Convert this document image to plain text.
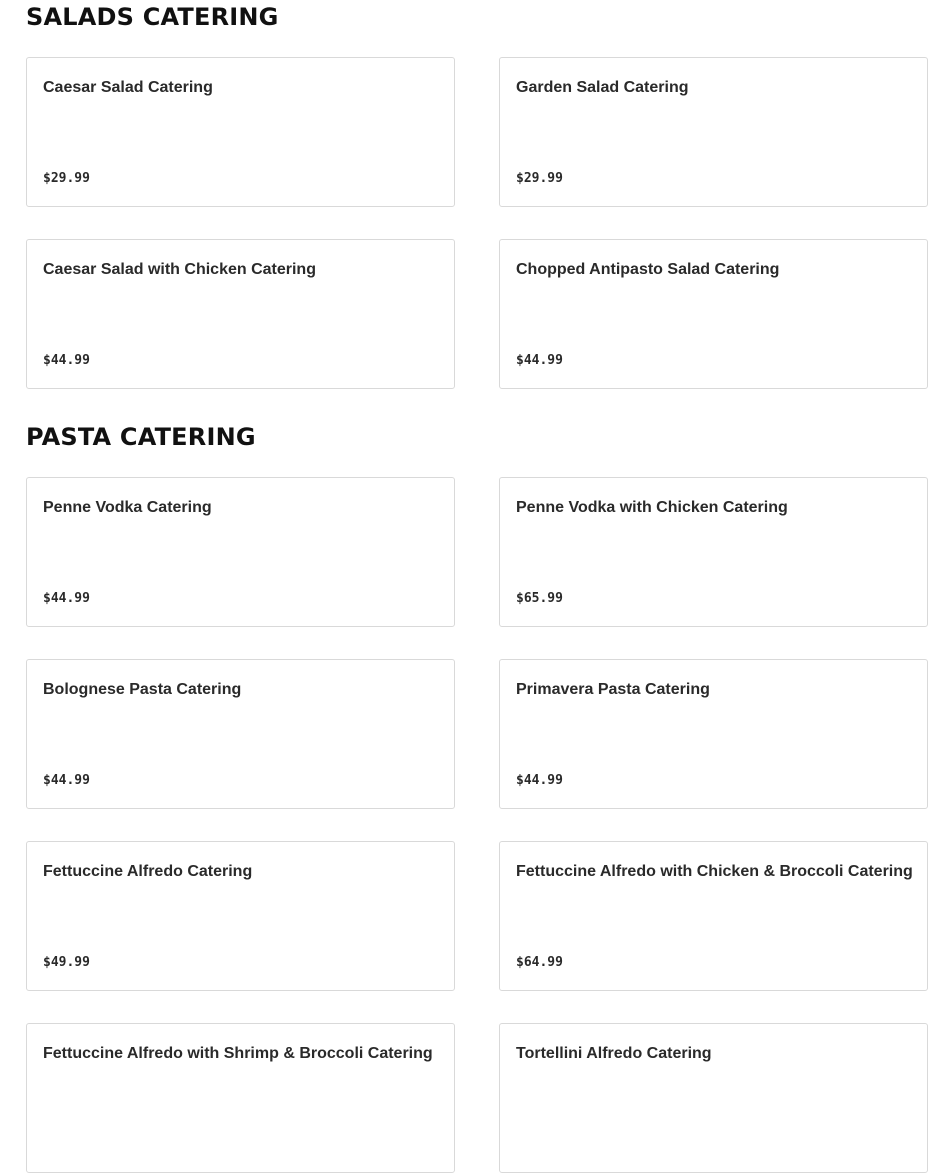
SALADS CATERING
Caesar Salad Catering
$29.99
Garden Salad Catering
$29.99
Caesar Salad with Chicken Catering
$44.99
Chopped Antipasto Salad Catering
$44.99
PASTA CATERING
Penne Vodka Catering
$44.99
Penne Vodka with Chicken Catering
$65.99
Bolognese Pasta Catering
$44.99
Primavera Pasta Catering
$44.99
Fettuccine Alfredo Catering
$49.99
Fettuccine Alfredo with Chicken & Broccoli Catering
$64.99
Fettuccine Alfredo with Shrimp & Broccoli Catering	Tortellini Alfredo Catering
